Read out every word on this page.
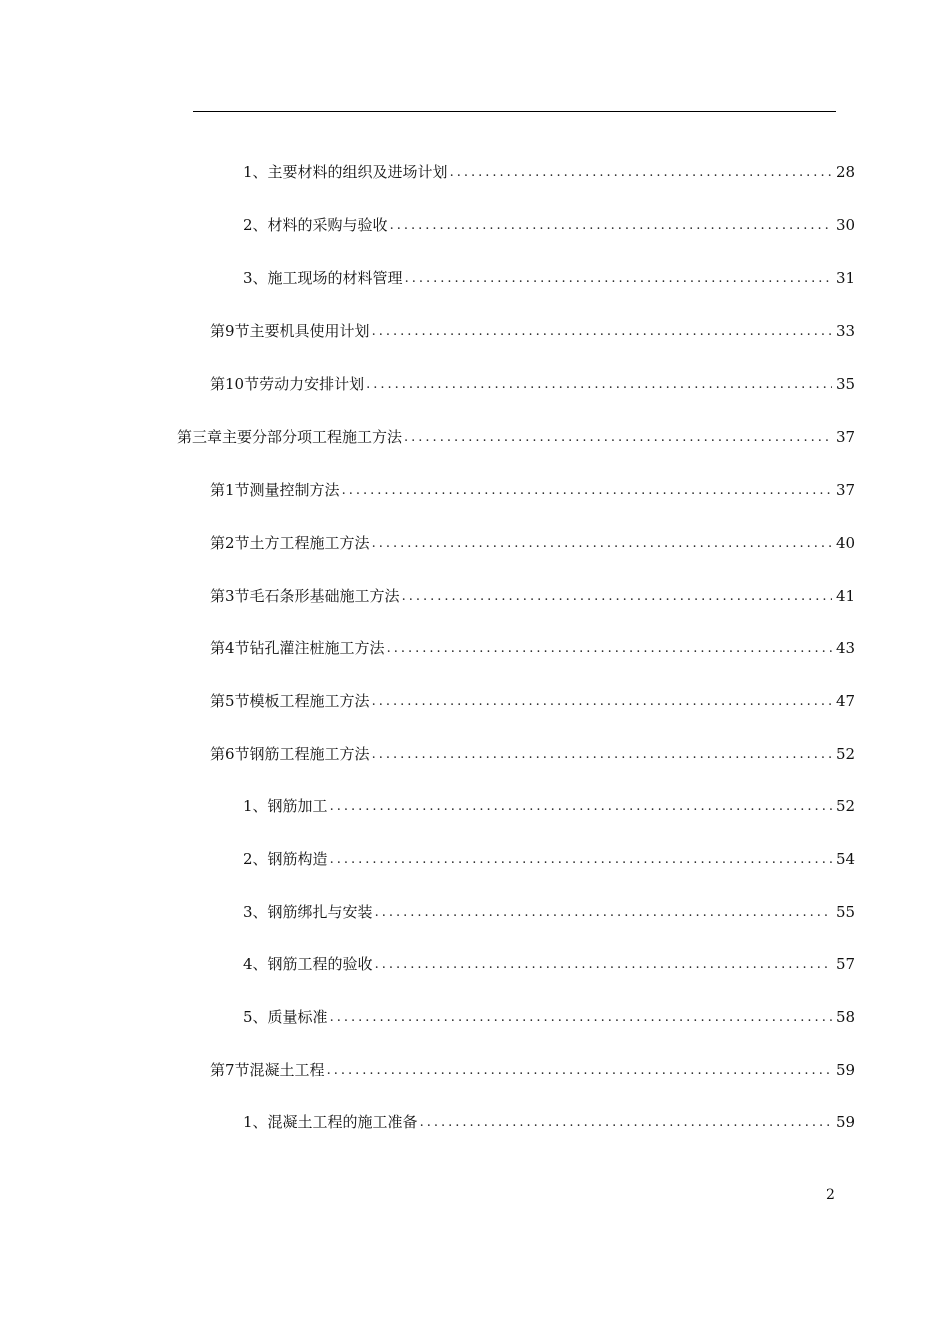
1、 主要材料的组织及进场计划 .....	28
2、 材料的采购与验收 .....	30
3、 施工现场的材料管理 .....	31
第9节 主要机具使用计划 .....	33
第10节 劳动力安排计划 .....	35
第三章 主要分部分项工程施工方法 .....	37
第1节 测量控制方法 .....	37
第2节 土方工程施工方法 .....	40
第3节 毛石条形基础施工方法 .....	41
第4节 钻孔灌注桩施工方法 .....	43
第5节 模板工程施工方法 .....	47
第6节 钢筋工程施工方法 .....	52
1、 钢筋加工 .....	52
2、 钢筋构造 .....	54
3、 钢筋绑扎与安装 .....	55
4、 钢筋工程的验收 .....	57
5、 质量标准 .....	58
第7节 混凝土工程 .....	59
1、 混凝土工程的施工准备 .....	59
2
